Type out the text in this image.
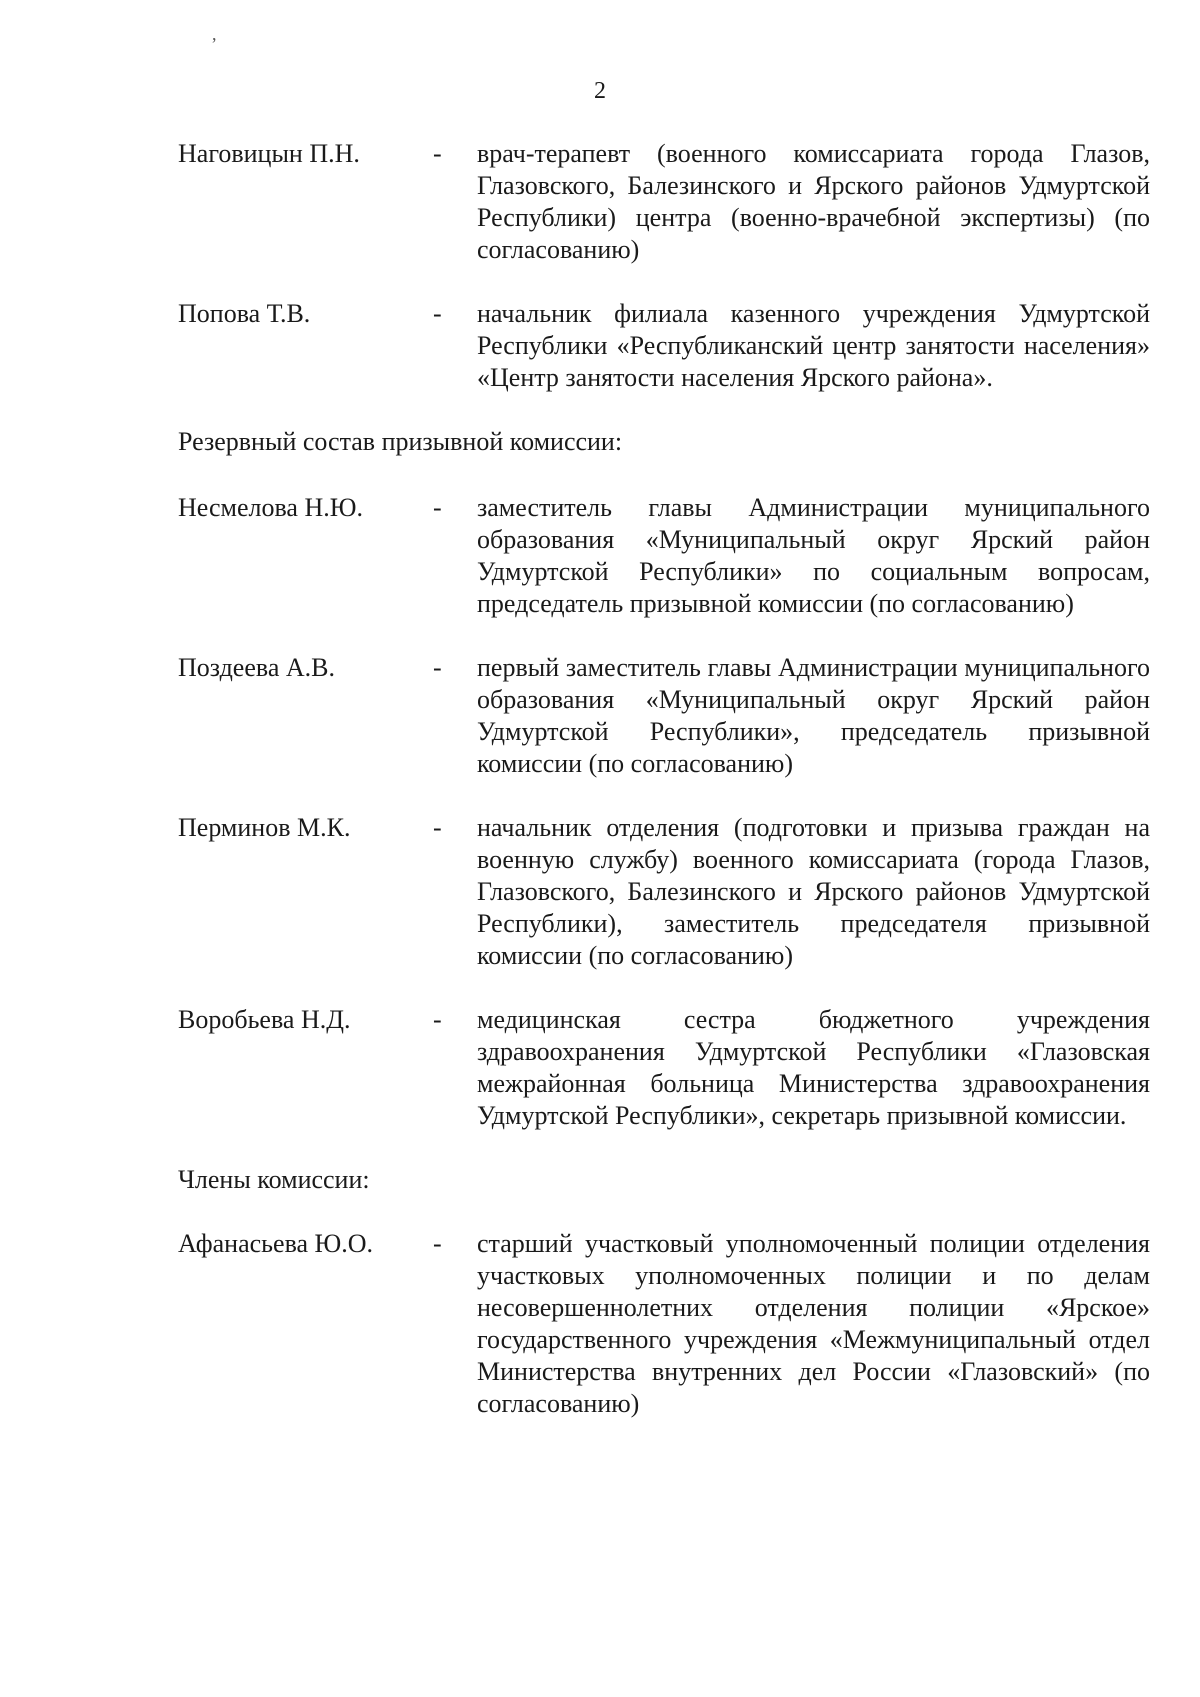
,
2
Наговицын П.Н.	-	врач-терапевт (военного комиссариата города Глазов, Глазовского, Балезинского и Ярского районов Удмуртской Республики) центра (военно-врачебной экспертизы) (по согласованию)
Попова Т.В.	-	начальник филиала казенного учреждения Удмуртской Республики «Республиканский центр занятости населения» «Центр занятости населения Ярского района».
Резервный состав призывной комиссии:
Несмелова Н.Ю.	-	заместитель главы Администрации муниципального образования «Муниципальный округ Ярский район Удмуртской Республики» по социальным вопросам, председатель призывной комиссии (по согласованию)
Поздеева А.В.	-	первый заместитель главы Администрации муниципального образования «Муниципальный округ Ярский район Удмуртской Республики», председатель призывной комиссии (по согласованию)
Перминов М.К.	-	начальник отделения (подготовки и призыва граждан на военную службу) военного комиссариата (города Глазов, Глазовского, Балезинского и Ярского районов Удмуртской Республики), заместитель председателя призывной комиссии (по согласованию)
Воробьева Н.Д.	-	медицинская сестра бюджетного учреждения здравоохранения Удмуртской Республики «Глазовская межрайонная больница Министерства здравоохранения Удмуртской Республики», секретарь призывной комиссии.
Члены комиссии:
Афанасьева Ю.О.	-	старший участковый уполномоченный полиции отделения участковых уполномоченных полиции и по делам несовершеннолетних отделения полиции «Ярское» государственного учреждения «Межмуниципальный отдел Министерства внутренних дел России «Глазовский» (по согласованию)
